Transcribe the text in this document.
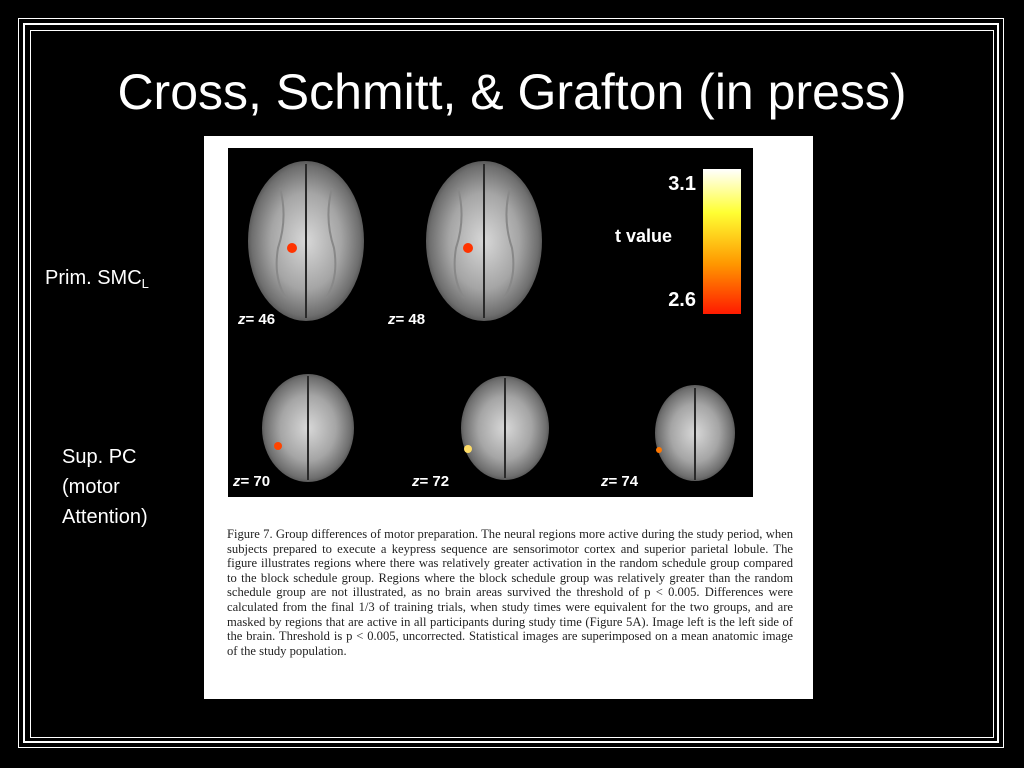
Cross, Schmitt, & Grafton (in press)
Prim. $SMC_L$
Sup. PC
(motor
Attention)
z= 46	z= 48
z= 70	z= 72	z= 74
3.1
t value
2.6

Figure 7. Group differences of motor preparation. The neural regions more active during the study period, when subjects prepared to execute a keypress sequence are sensorimotor cortex and superior parietal lobule. The figure illustrates regions where there was relatively greater activation in the random schedule group compared to the block schedule group. Regions where the block schedule group was relatively greater than the random schedule group are not illustrated, as no brain areas survived the threshold of p < 0.005. Differences were calculated from the final 1/3 of training trials, when study times were equivalent for the two groups, and are masked by regions that are active in all participants during study time (Figure 5A). Image left is the left side of the brain. Threshold is p < 0.005, uncorrected. Statistical images are superimposed on a mean anatomic image of the study population.
